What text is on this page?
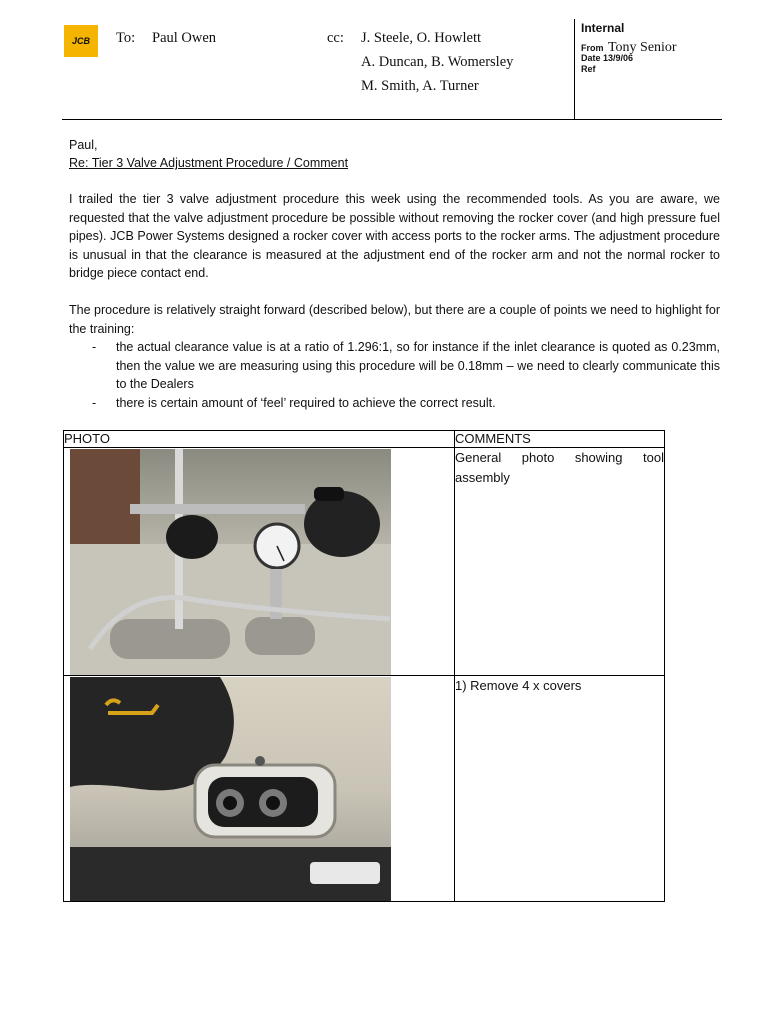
JCB To: Paul Owen	cc: J. Steele, O. Howlett
A. Duncan, B. Womersley
M. Smith, A. Turner
Internal
From Tony Senior
Date 13/9/06
Ref
Paul,
Re: Tier 3 Valve Adjustment Procedure / Comment
I trailed the tier 3 valve adjustment procedure this week using the recommended tools. As you are aware, we requested that the valve adjustment procedure be possible without removing the rocker cover (and high pressure fuel pipes). JCB Power Systems designed a rocker cover with access ports to the rocker arms. The adjustment procedure is unusual in that the clearance is measured at the adjustment end of the rocker arm and not the normal rocker to bridge piece contact end.
The procedure is relatively straight forward (described below), but there are a couple of points we need to highlight for the training:
-	the actual clearance value is at a ratio of 1.296:1, so for instance if the inlet clearance is quoted as 0.23mm, then the value we are measuring using this procedure will be 0.18mm – we need to clearly communicate this to the Dealers
-	there is certain amount of ‘feel’ required to achieve the correct result.
PHOTO	COMMENTS

	General photo showing tool assembly

	1) Remove 4 x covers
